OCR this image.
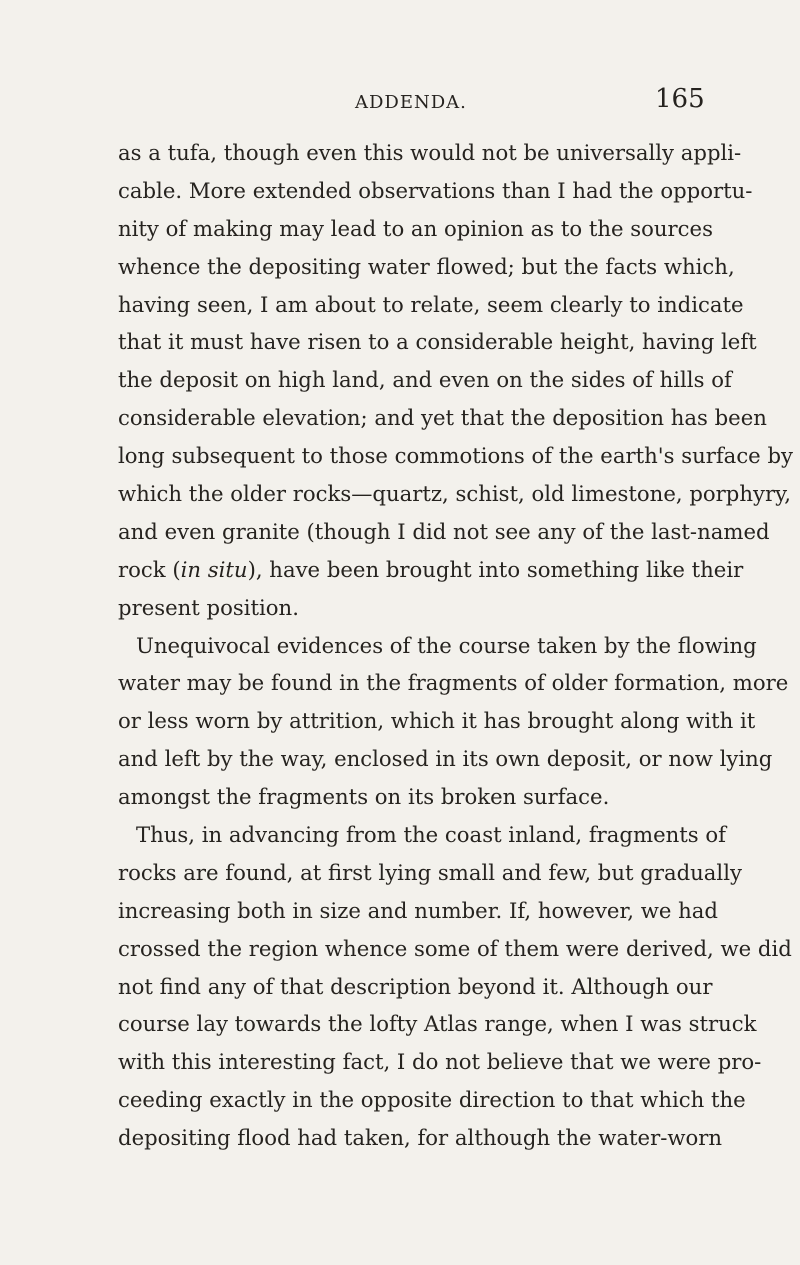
ADDENDA.	165
as a tufa, though even this would not be universally appli-
cable. More extended observations than I had the opportu-
nity of making may lead to an opinion as to the sources
whence the depositing water flowed; but the facts which,
having seen, I am about to relate, seem clearly to indicate
that it must have risen to a considerable height, having left
the deposit on high land, and even on the sides of hills of
considerable elevation; and yet that the deposition has been
long subsequent to those commotions of the earth's surface by
which the older rocks—quartz, schist, old limestone, porphyry,
and even granite (though I did not see any of the last-named
rock (in situ), have been brought into something like their
present position.
Unequivocal evidences of the course taken by the flowing
water may be found in the fragments of older formation, more
or less worn by attrition, which it has brought along with it
and left by the way, enclosed in its own deposit, or now lying
amongst the fragments on its broken surface.
Thus, in advancing from the coast inland, fragments of
rocks are found, at first lying small and few, but gradually
increasing both in size and number. If, however, we had
crossed the region whence some of them were derived, we did
not find any of that description beyond it. Although our
course lay towards the lofty Atlas range, when I was struck
with this interesting fact, I do not believe that we were pro-
ceeding exactly in the opposite direction to that which the
depositing flood had taken, for although the water-worn
